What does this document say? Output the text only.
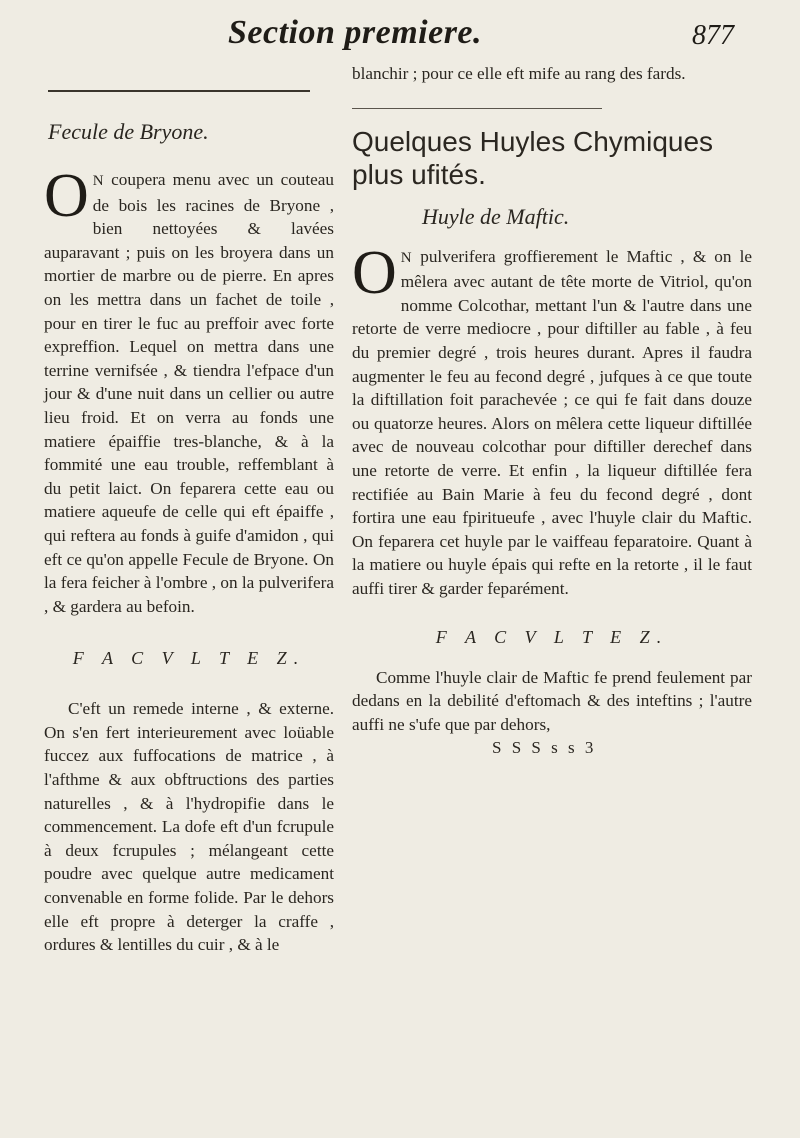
Section premiere.	877

Fecule de Bryone.

O N coupera menu avec un couteau de bois les racines de Bryone , bien nettoyées & lavées auparavant ; puis on les broyera dans un mortier de marbre ou de pierre. En apres on les mettra dans un fachet de toile , pour en tirer le fuc au preffoir avec forte expreffion. Lequel on mettra dans une terrine vernifsée , & tiendra l'efpace d'un jour & d'une nuit dans un cellier ou autre lieu froid. Et on verra au fonds une matiere épaiffie tres-blanche, & à la fommité une eau trouble, reffemblant à du petit laict. On feparera cette eau ou matiere aqueufe de celle qui eft épaiffe , qui reftera au fonds à guife d'amidon , qui eft ce qu'on appelle Fecule de Bryone. On la fera feicher à l'ombre , on la pulverifera , & gardera au befoin.

F A C V L T E Z.

C'eft un remede interne , & externe. On s'en fert interieurement avec loüable fuccez aux fuffocations de matrice , à l'afthme & aux obftructions des parties naturelles , & à l'hydropifie dans le commencement. La dofe eft d'un fcrupule à deux fcrupules ; mélangeant cette poudre avec quelque autre medicament convenable en forme folide. Par le dehors elle eft propre à deterger la craffe , ordures & lentilles du cuir , & à le

blanchir ; pour ce elle eft mife au rang des fards.

Quelques Huyles Chymiques plus ufités.

Huyle de Maftic.

O N pulverifera groffierement le Maftic , & on le mêlera avec autant de tête morte de Vitriol, qu'on nomme Colcothar, mettant l'un & l'autre dans une retorte de verre mediocre , pour diftiller au fable , à feu du premier degré , trois heures durant. Apres il faudra augmenter le feu au fecond degré , jufques à ce que toute la diftillation foit parachevée ; ce qui fe fait dans douze ou quatorze heures. Alors on mêlera cette liqueur diftillée avec de nouveau colcothar pour diftiller derechef dans une retorte de verre. Et enfin , la liqueur diftillée fera rectifiée au Bain Marie à feu du fecond degré , dont fortira une eau fpiritueufe , avec l'huyle clair du Maftic. On feparera cet huyle par le vaiffeau feparatoire. Quant à la matiere ou huyle épais qui refte en la retorte , il le faut auffi tirer & garder feparément.

F A C V L T E Z.

Comme l'huyle clair de Maftic fe prend feulement par dedans en la debilité d'eftomach & des inteftins ; l'autre auffi ne s'ufe que par dehors,

S S S s s 3
